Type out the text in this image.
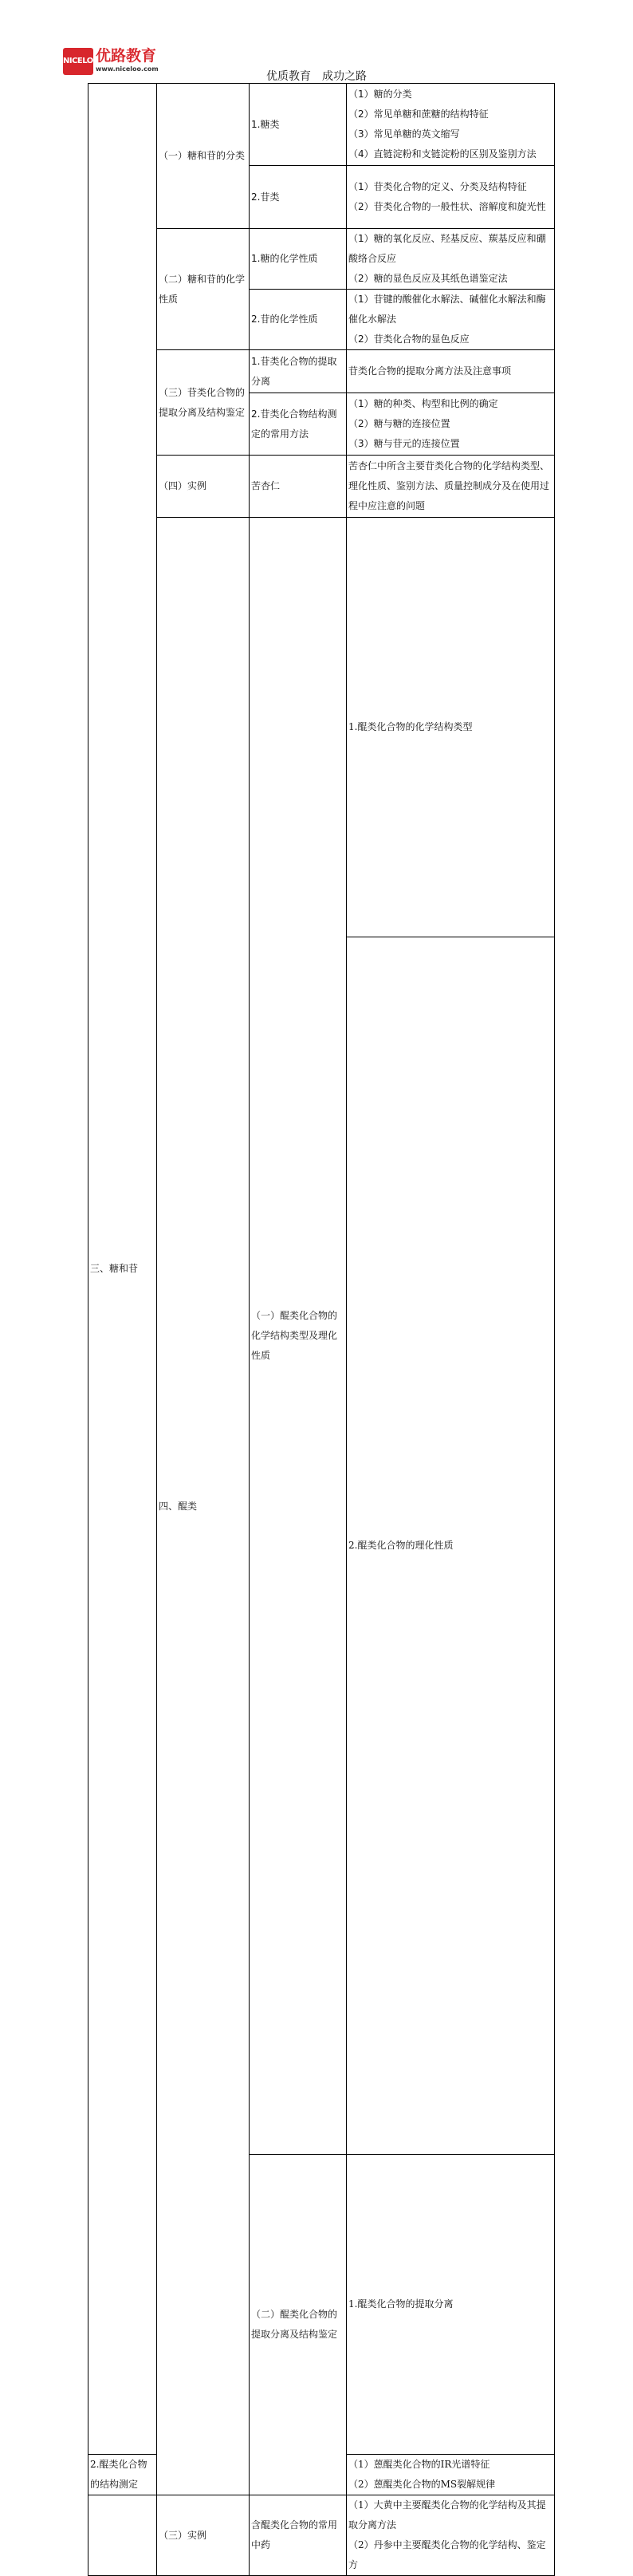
NICELOO
优路教育
www.niceloo.com
优质教育　成功之路
三、糖和苷	（一）糖和苷的分类	1.糖类	（1）糖的分类
（2）常见单糖和蔗糖的结构特征
（3）常见单糖的英文缩写
（4）直链淀粉和支链淀粉的区别及鉴别方法	

		2.苷类	（1）苷类化合物的定义、分类及结构特征
（2）苷类化合物的一般性状、溶解度和旋光性	

	（二）糖和苷的化学性质	1.糖的化学性质	（1）糖的氧化反应、羟基反应、羰基反应和硼酸络合反应
（2）糖的显色反应及其纸色谱鉴定法	

		2.苷的化学性质	（1）苷键的酸催化水解法、碱催化水解法和酶催化水解法
（2）苷类化合物的显色反应	

	（三）苷类化合物的提取分离及结构鉴定	1.苷类化合物的提取分离	苷类化合物的提取分离方法及注意事项	

		2.苷类化合物结构测定的常用方法	（1）糖的种类、构型和比例的确定
（2）糖与糖的连接位置
（3）糖与苷元的连接位置	

	（四）实例	苦杏仁	苦杏仁中所含主要苷类化合物的化学结构类型、理化性质、鉴别方法、质量控制成分及在使用过程中应注意的问题	
	四、醌类	（一）醌类化合物的化学结构类型及理化性质	1.醌类化合物的化学结构类型	
			2.醌类化合物的理化性质	

		（二）醌类化合物的提取分离及结构鉴定	1.醌类化合物的提取分离	
2.醌类化合物的结构测定			（1）蒽醌类化合物的IR光谱特征
（2）蒽醌类化合物的MS裂解规律	

	（三）实例	含醌类化合物的常用中药	（1）大黄中主要醌类化合物的化学结构及其提取分离方法
（2）丹参中主要醌类化合物的化学结构、鉴定方	
